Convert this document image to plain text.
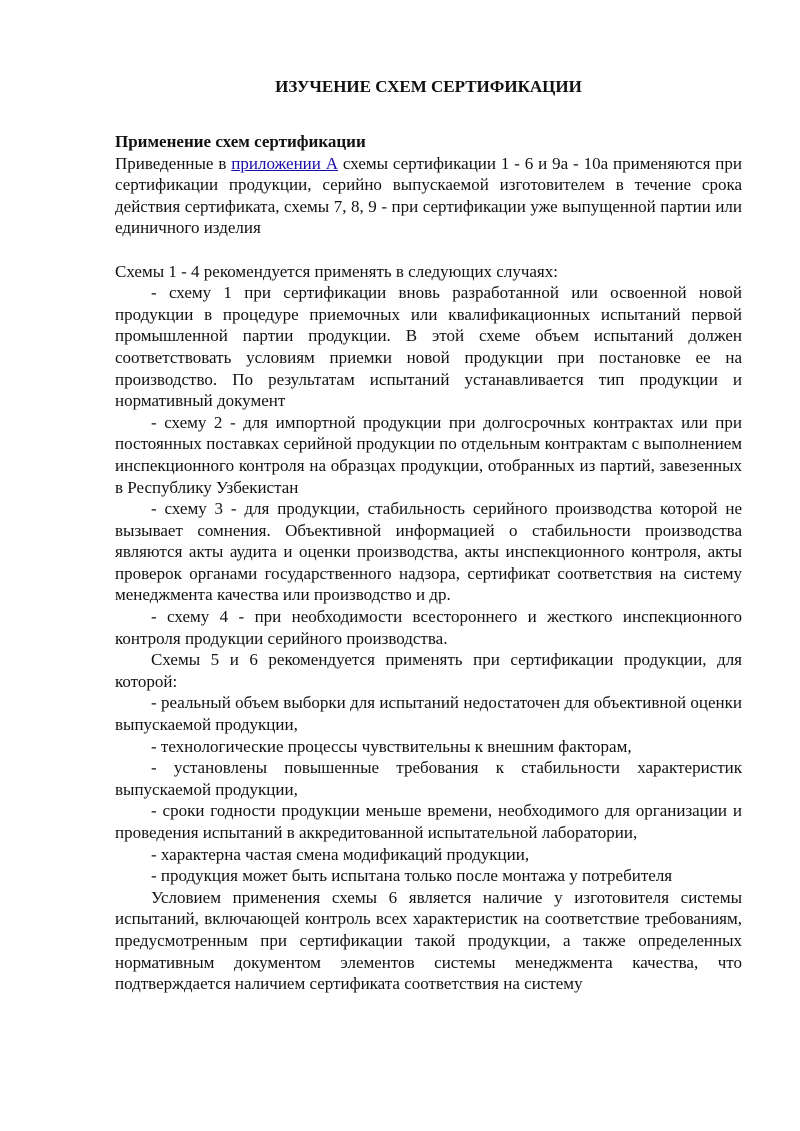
ИЗУЧЕНИЕ СХЕМ СЕРТИФИКАЦИИ
Применение схем сертификации

Приведенные в приложении А схемы сертификации 1 - 6 и 9а - 10а применяются при сертификации продукции, серийно выпускаемой изготовителем в течение срока действия сертификата, схемы 7, 8, 9 - при сертификации уже выпущенной партии или единичного изделия

Схемы 1 - 4 рекомендуется применять в следующих случаях:

- схему 1 при сертификации вновь разработанной или освоенной новой продукции в процедуре приемочных или квалификационных испытаний первой промышленной партии продукции. В этой схеме объем испытаний должен соответствовать условиям приемки новой продукции при постановке ее на производство. По результатам испытаний устанавливается тип продукции и нормативный документ

- схему 2 - для импортной продукции при долгосрочных контрактах или при постоянных поставках серийной продукции по отдельным контрактам с выполнением инспекционного контроля на образцах продукции, отобранных из партий, завезенных в Республику Узбекистан

- схему 3 - для продукции, стабильность серийного производства которой не вызывает сомнения. Объективной информацией о стабильности производства являются акты аудита и оценки производства, акты инспекционного контроля, акты проверок органами государственного надзора, сертификат соответствия на систему менеджмента качества или производство и др.

- схему 4 - при необходимости всестороннего и жесткого инспекционного контроля продукции серийного производства.

Схемы 5 и 6 рекомендуется применять при сертификации продукции, для которой:

- реальный объем выборки для испытаний недостаточен для объективной оценки выпускаемой продукции,

- технологические процессы чувствительны к внешним факторам,

- установлены повышенные требования к стабильности характеристик выпускаемой продукции,

- сроки годности продукции меньше времени, необходимого для организации и проведения испытаний в аккредитованной испытательной лаборатории,

- характерна частая смена модификаций продукции,

- продукция может быть испытана только после монтажа у потребителя

Условием применения схемы 6 является наличие у изготовителя системы испытаний, включающей контроль всех характеристик на соответствие требованиям, предусмотренным при сертификации такой продукции, а также определенных нормативным документом элементов системы менеджмента качества, что подтверждается наличием сертификата соответствия на систему
